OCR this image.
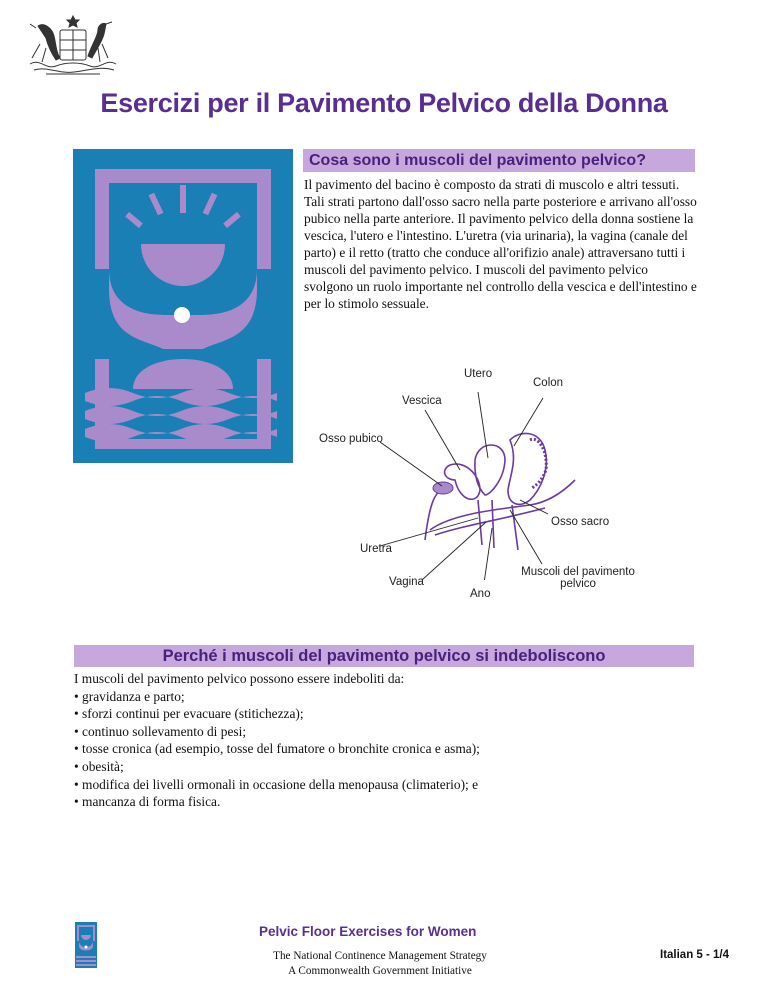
Esercizi per il Pavimento Pelvico della Donna
Cosa sono i muscoli del pavimento pelvico?
Il pavimento del bacino è composto da strati di muscolo e altri tessuti. Tali strati partono dall'osso sacro nella parte posteriore e arrivano all'osso pubico nella parte anteriore. Il pavimento pelvico della donna sostiene la vescica, l'utero e l'intestino. L'uretra (via urinaria), la vagina (canale del parto) e il retto (tratto che conduce all'orifizio anale) attraversano tutti i muscoli del pavimento pelvico. I muscoli del pavimento pelvico svolgono un ruolo importante nel controllo della vescica e dell'intestino e per lo stimolo sessuale.
Utero
Colon
Vescica
Osso pubico
Osso sacro
Uretra
Vagina
Ano
Muscoli del pavimento
pelvico
Perché i muscoli del pavimento pelvico si indeboliscono
I muscoli del pavimento pelvico possono essere indeboliti da:
• gravidanza e parto;
• sforzi continui per evacuare (stitichezza);
• continuo sollevamento di pesi;
• tosse cronica (ad esempio, tosse del fumatore o bronchite cronica e asma);
• obesità;
• modifica dei livelli ormonali in occasione della menopausa (climaterio); e
• mancanza di forma fisica.
Pelvic Floor Exercises for Women
The National Continence Management Strategy
A Commonwealth Government Initiative
Italian 5 - 1/4
